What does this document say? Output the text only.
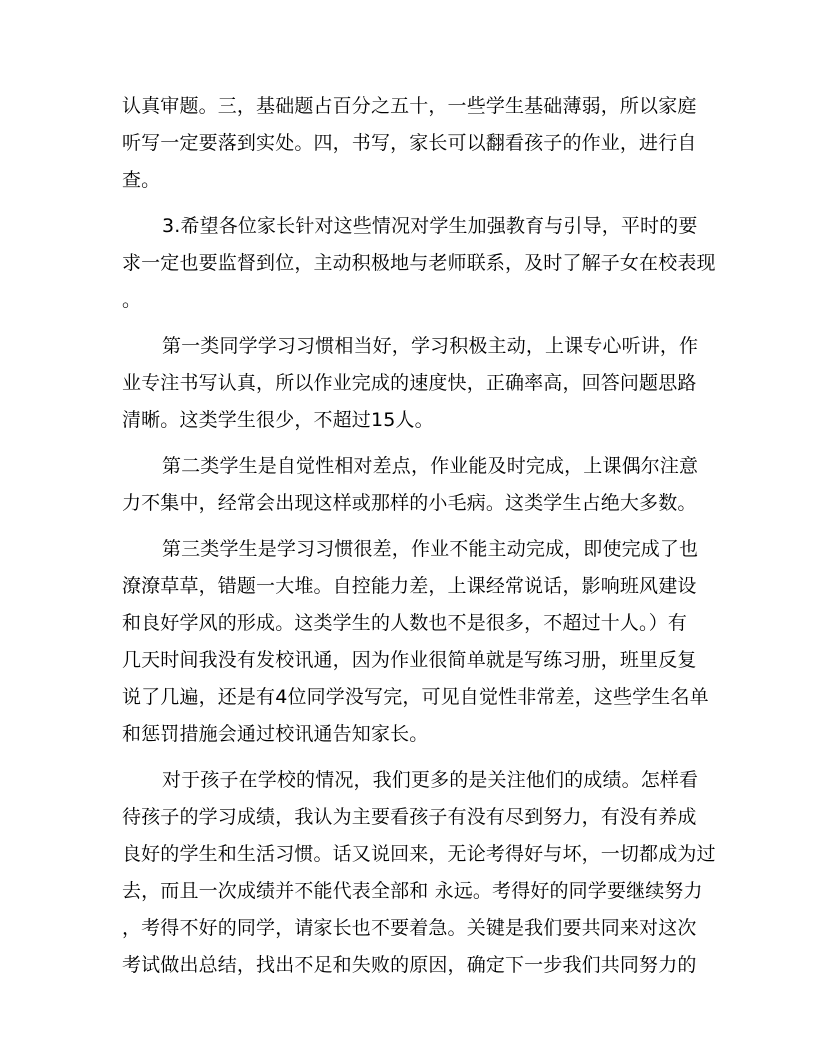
认真审题。三，基础题占百分之五十，一些学生基础薄弱，所以家庭
听写一定要落到实处。四，书写，家长可以翻看孩子的作业，进行自
查。
3.希望各位家长针对这些情况对学生加强教育与引导，平时的要
求一定也要监督到位，主动积极地与老师联系，及时了解子女在校表现
。
第一类同学学习习惯相当好，学习积极主动，上课专心听讲，作
业专注书写认真，所以作业完成的速度快，正确率高，回答问题思路
清晰。这类学生很少，不超过15人。
第二类学生是自觉性相对差点，作业能及时完成，上课偶尔注意
力不集中，经常会出现这样或那样的小毛病。这类学生占绝大多数。
第三类学生是学习习惯很差，作业不能主动完成，即使完成了也
潦潦草草，错题一大堆。自控能力差，上课经常说话，影响班风建设
和良好学风的形成。这类学生的人数也不是很多，不超过十人。）有
几天时间我没有发校讯通，因为作业很简单就是写练习册，班里反复
说了几遍，还是有4位同学没写完，可见自觉性非常差，这些学生名单
和惩罚措施会通过校讯通告知家长。
对于孩子在学校的情况，我们更多的是关注他们的成绩。怎样看
待孩子的学习成绩，我认为主要看孩子有没有尽到努力，有没有养成
良好的学生和生活习惯。话又说回来，无论考得好与坏，一切都成为过
去，而且一次成绩并不能代表全部和 永远。考得好的同学要继续努力
，考得不好的同学，请家长也不要着急。关键是我们要共同来对这次
考试做出总结，找出不足和失败的原因，确定下一步我们共同努力的
